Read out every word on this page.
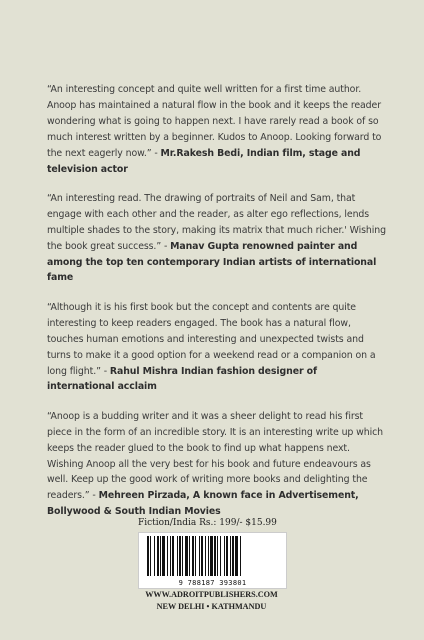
“An interesting concept and quite well written for a first time author. Anoop has maintained a natural flow in the book and it keeps the reader wondering what is going to happen next. I have rarely read a book of so much interest written by a beginner. Kudos to Anoop. Looking forward to the next eagerly now.” - Mr.Rakesh Bedi, Indian film, stage and television actor

“An interesting read. The drawing of portraits of Neil and Sam, that engage with each other and the reader, as alter ego reflections, lends multiple shades to the story, making its matrix that much richer.' Wishing the book great success.” - Manav Gupta renowned painter and among the top ten contemporary Indian artists of international fame

“Although it is his first book but the concept and contents are quite interesting to keep readers engaged. The book has a natural flow, touches human emotions and interesting and unexpected twists and turns to make it a good option for a weekend read or a companion on a long flight.” - Rahul Mishra Indian fashion designer of international acclaim

“Anoop is a budding writer and it was a sheer delight to read his first piece in the form of an incredible story. It is an interesting write up which keeps the reader glued to the book to find up what happens next. Wishing Anoop all the very best for his book and future endeavours as well. Keep up the good work of writing more books and delighting the readers.” - Mehreen Pirzada, A known face in Advertisement, Bollywood & South Indian Movies

Fiction/India Rs.: 199/- $15.99
9 788187 393801
WWW.ADROITPUBLISHERS.COM
NEW DELHI • KATHMANDU
